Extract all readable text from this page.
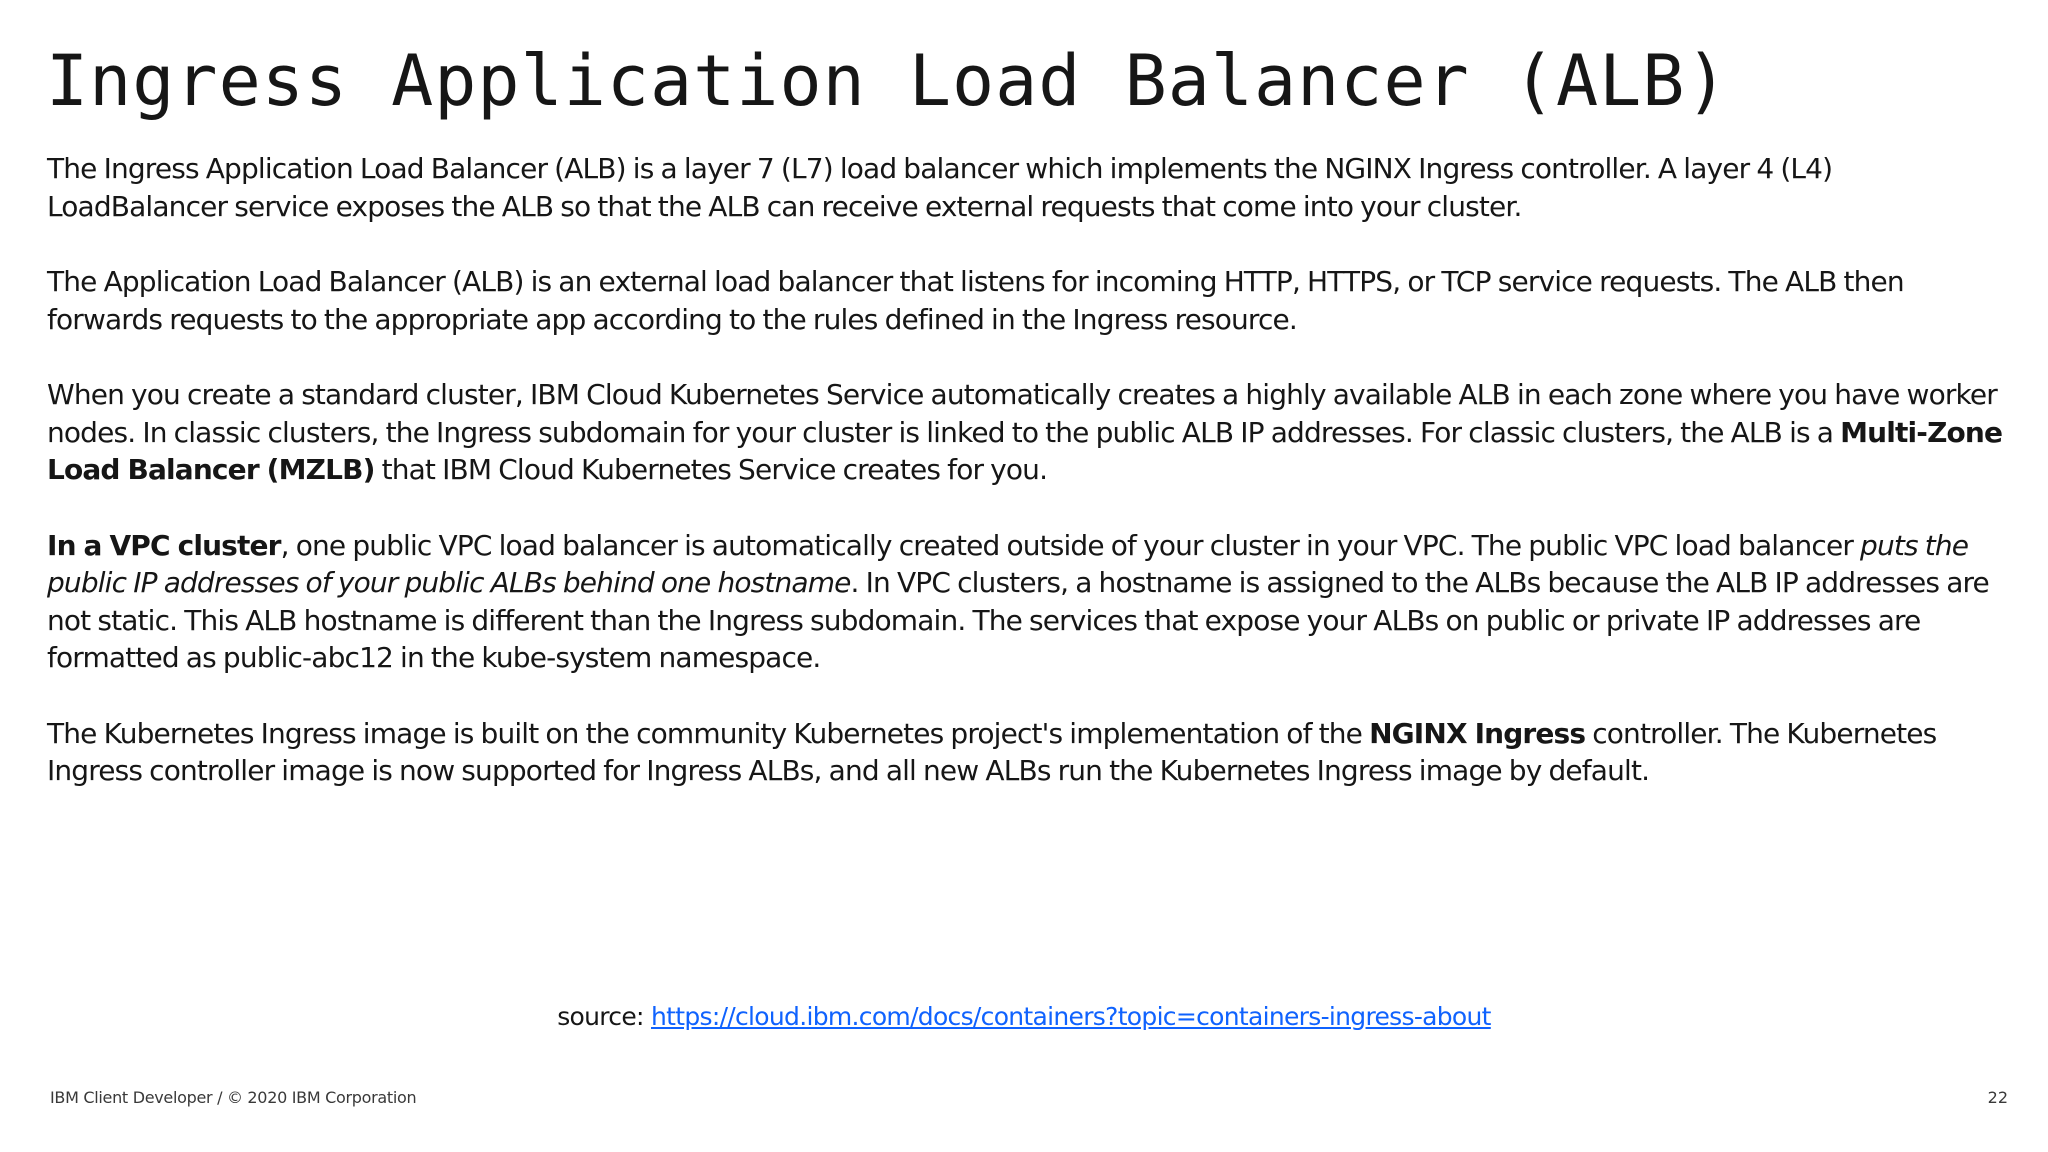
Ingress Application Load Balancer (ALB)

The Ingress Application Load Balancer (ALB) is a layer 7 (L7) load balancer which implements the NGINX Ingress controller. A layer 4 (L4) LoadBalancer service exposes the ALB so that the ALB can receive external requests that come into your cluster.

The Application Load Balancer (ALB) is an external load balancer that listens for incoming HTTP, HTTPS, or TCP service requests. The ALB then forwards requests to the appropriate app according to the rules defined in the Ingress resource.

When you create a standard cluster, IBM Cloud Kubernetes Service automatically creates a highly available ALB in each zone where you have worker nodes. In classic clusters, the Ingress subdomain for your cluster is linked to the public ALB IP addresses. For classic clusters, the ALB is a Multi-Zone Load Balancer (MZLB) that IBM Cloud Kubernetes Service creates for you.

In a VPC cluster, one public VPC load balancer is automatically created outside of your cluster in your VPC. The public VPC load balancer puts the public IP addresses of your public ALBs behind one hostname. In VPC clusters, a hostname is assigned to the ALBs because the ALB IP addresses are not static. This ALB hostname is different than the Ingress subdomain. The services that expose your ALBs on public or private IP addresses are formatted as public-abc12 in the kube-system namespace.

The Kubernetes Ingress image is built on the community Kubernetes project's implementation of the NGINX Ingress controller. The Kubernetes Ingress controller image is now supported for Ingress ALBs, and all new ALBs run the Kubernetes Ingress image by default.

source: https://cloud.ibm.com/docs/containers?topic=containers-ingress-about
IBM Client Developer / © 2020 IBM Corporation	22
